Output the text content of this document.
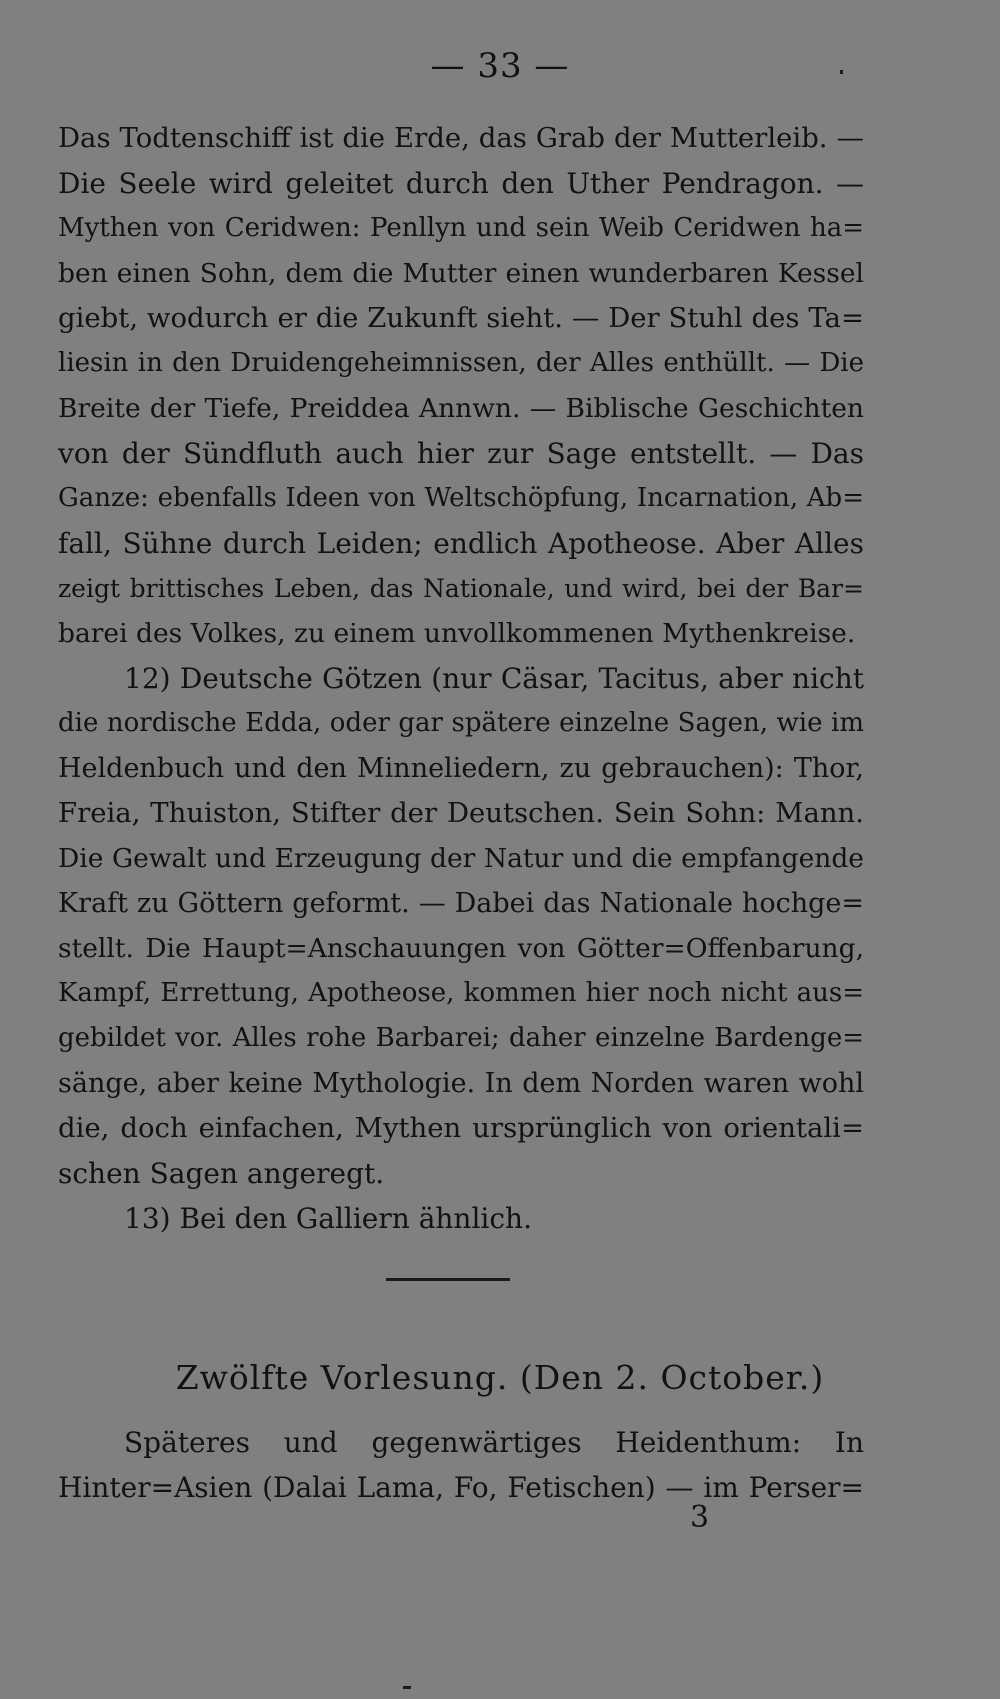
— 33 —
Das Todtenschiff ist die Erde, das Grab der Mutterleib. —
Die Seele wird geleitet durch den Uther Pendragon. —
Mythen von Ceridwen: Penllyn und sein Weib Ceridwen ha=
ben einen Sohn, dem die Mutter einen wunderbaren Kessel
giebt, wodurch er die Zukunft sieht. — Der Stuhl des Ta=
liesin in den Druidengeheimnissen, der Alles enthüllt. — Die
Breite der Tiefe, Preiddea Annwn. — Biblische Geschichten
von der Sündfluth auch hier zur Sage entstellt. — Das
Ganze: ebenfalls Ideen von Weltschöpfung, Incarnation, Ab=
fall, Sühne durch Leiden; endlich Apotheose. Aber Alles
zeigt brittisches Leben, das Nationale, und wird, bei der Bar=
barei des Volkes, zu einem unvollkommenen Mythenkreise.
12) Deutsche Götzen (nur Cäsar, Tacitus, aber nicht
die nordische Edda, oder gar spätere einzelne Sagen, wie im
Heldenbuch und den Minneliedern, zu gebrauchen): Thor,
Freia, Thuiston, Stifter der Deutschen. Sein Sohn: Mann.
Die Gewalt und Erzeugung der Natur und die empfangende
Kraft zu Göttern geformt. — Dabei das Nationale hochge=
stellt. Die Haupt=Anschauungen von Götter=Offenbarung,
Kampf, Errettung, Apotheose, kommen hier noch nicht aus=
gebildet vor. Alles rohe Barbarei; daher einzelne Bardenge=
sänge, aber keine Mythologie. In dem Norden waren wohl
die, doch einfachen, Mythen ursprünglich von orientali=
schen Sagen angeregt.
13) Bei den Galliern ähnlich.
Zwölfte Vorlesung. (Den 2. October.)
Späteres und gegenwärtiges Heidenthum: In
Hinter=Asien (Dalai Lama, Fo, Fetischen) — im Perser=
3
